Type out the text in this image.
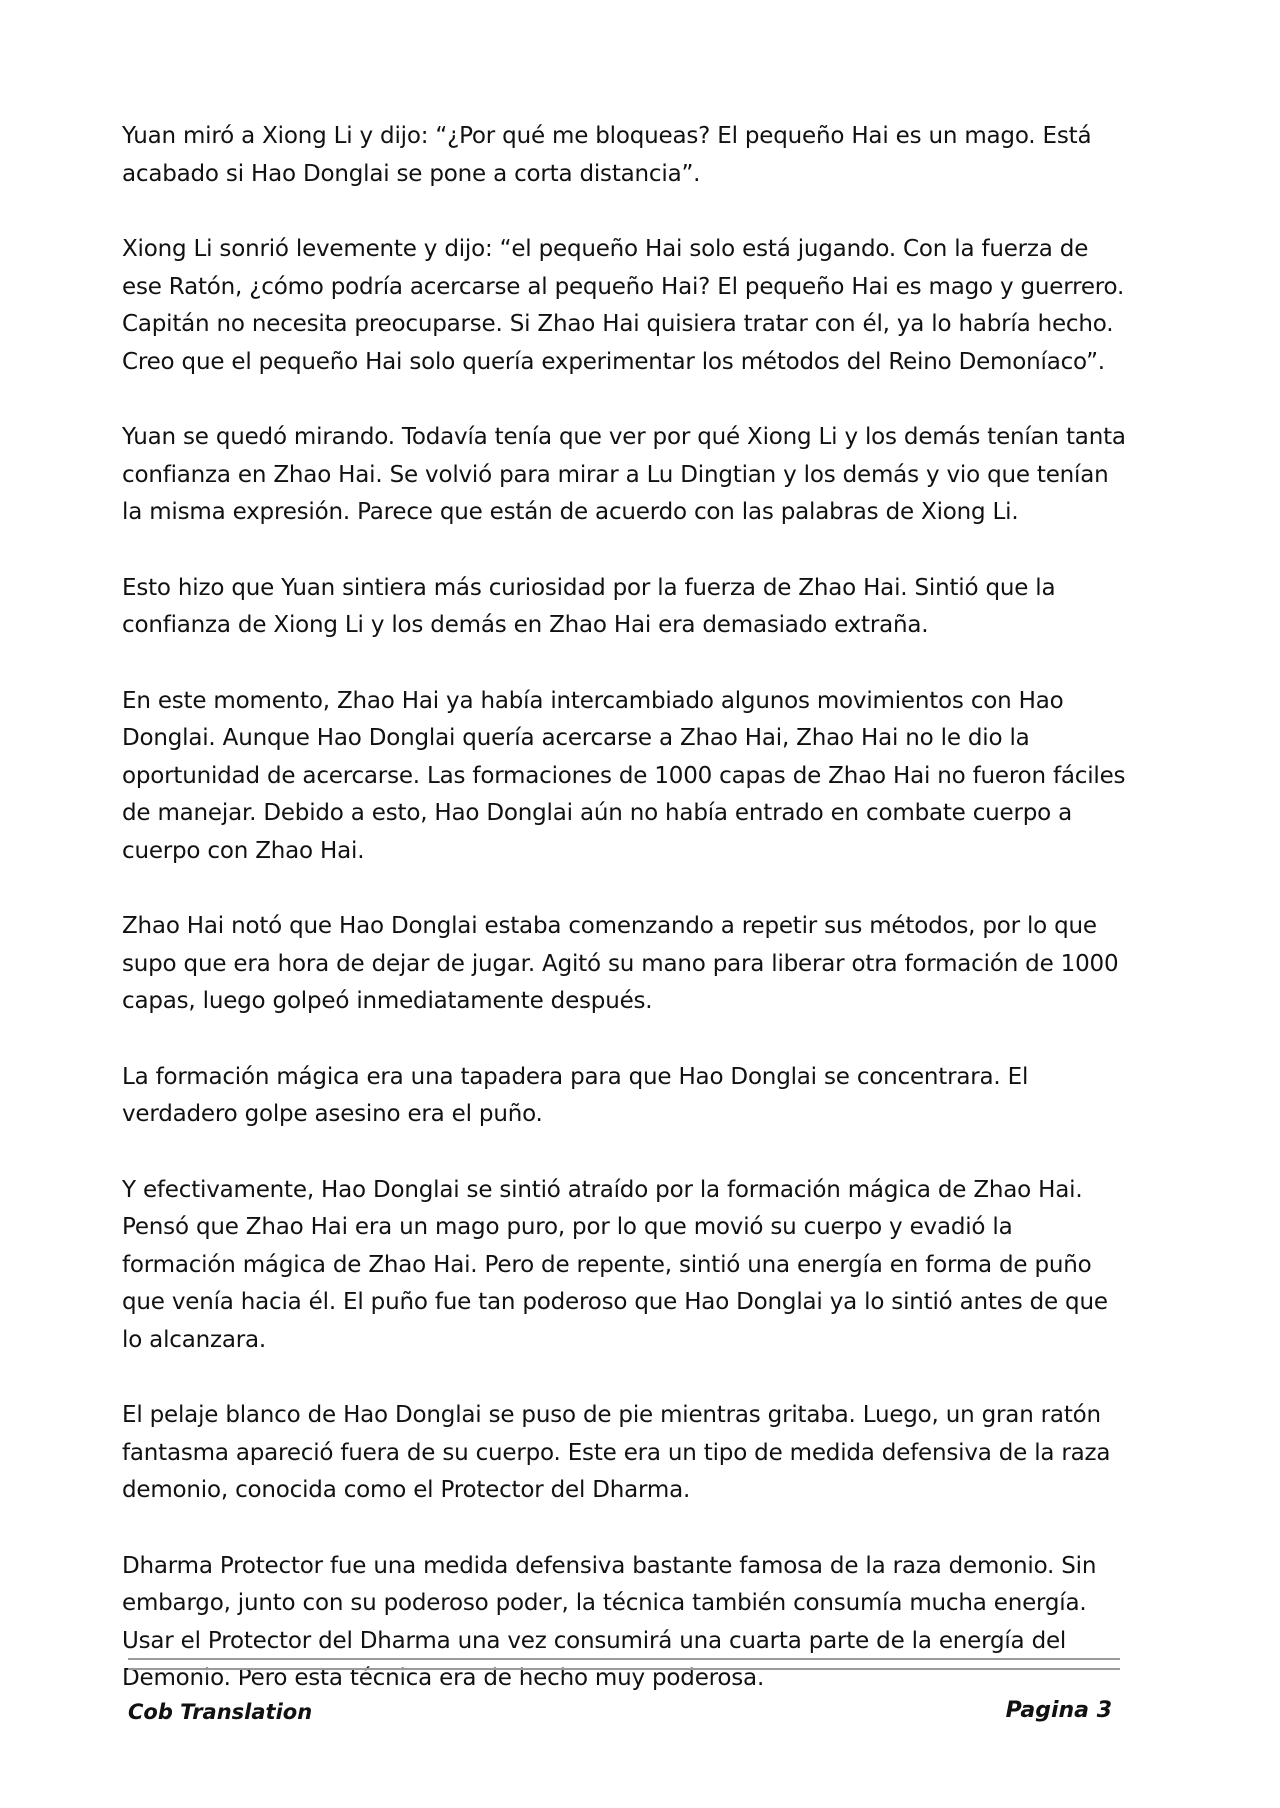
Yuan miró a Xiong Li y dijo: “¿Por qué me bloqueas? El pequeño Hai es un mago. Está acabado si Hao Donglai se pone a corta distancia”.

Xiong Li sonrió levemente y dijo: “el pequeño Hai solo está jugando. Con la fuerza de ese Ratón, ¿cómo podría acercarse al pequeño Hai? El pequeño Hai es mago y guerrero. Capitán no necesita preocuparse. Si Zhao Hai quisiera tratar con él, ya lo habría hecho. Creo que el pequeño Hai solo quería experimentar los métodos del Reino Demoníaco”.

Yuan se quedó mirando. Todavía tenía que ver por qué Xiong Li y los demás tenían tanta confianza en Zhao Hai. Se volvió para mirar a Lu Dingtian y los demás y vio que tenían la misma expresión. Parece que están de acuerdo con las palabras de Xiong Li.

Esto hizo que Yuan sintiera más curiosidad por la fuerza de Zhao Hai. Sintió que la confianza de Xiong Li y los demás en Zhao Hai era demasiado extraña.

En este momento, Zhao Hai ya había intercambiado algunos movimientos con Hao Donglai. Aunque Hao Donglai quería acercarse a Zhao Hai, Zhao Hai no le dio la oportunidad de acercarse. Las formaciones de 1000 capas de Zhao Hai no fueron fáciles de manejar. Debido a esto, Hao Donglai aún no había entrado en combate cuerpo a cuerpo con Zhao Hai.

Zhao Hai notó que Hao Donglai estaba comenzando a repetir sus métodos, por lo que supo que era hora de dejar de jugar. Agitó su mano para liberar otra formación de 1000 capas, luego golpeó inmediatamente después.

La formación mágica era una tapadera para que Hao Donglai se concentrara. El verdadero golpe asesino era el puño.

Y efectivamente, Hao Donglai se sintió atraído por la formación mágica de Zhao Hai. Pensó que Zhao Hai era un mago puro, por lo que movió su cuerpo y evadió la formación mágica de Zhao Hai. Pero de repente, sintió una energía en forma de puño que venía hacia él. El puño fue tan poderoso que Hao Donglai ya lo sintió antes de que lo alcanzara.

El pelaje blanco de Hao Donglai se puso de pie mientras gritaba. Luego, un gran ratón fantasma apareció fuera de su cuerpo. Este era un tipo de medida defensiva de la raza demonio, conocida como el Protector del Dharma.

Dharma Protector fue una medida defensiva bastante famosa de la raza demonio. Sin embargo, junto con su poderoso poder, la técnica también consumía mucha energía. Usar el Protector del Dharma una vez consumirá una cuarta parte de la energía del Demonio. Pero esta técnica era de hecho muy poderosa.

Cob Translation	Pagina 3
